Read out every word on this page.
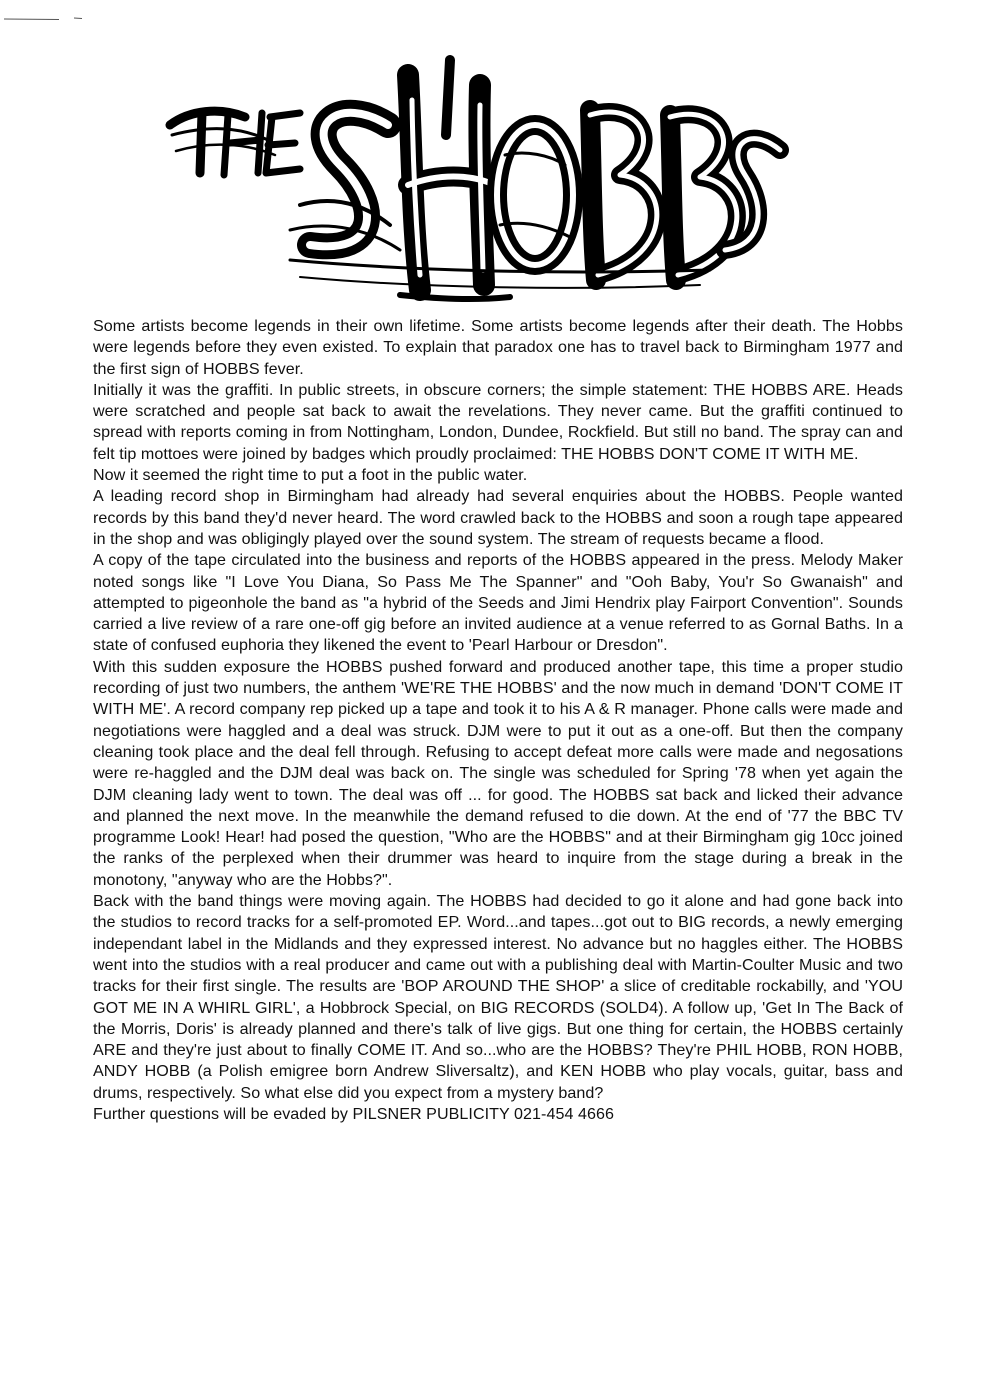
Some artists become legends in their own lifetime. Some artists become legends after their death. The Hobbs were legends before they even existed. To explain that paradox one has to travel back to Birmingham 1977 and the first sign of HOBBS fever.

Initially it was the graffiti. In public streets, in obscure corners; the simple statement: THE HOBBS ARE. Heads were scratched and people sat back to await the revelations. They never came. But the graffiti continued to spread with reports coming in from Nottingham, London, Dundee, Rockfield. But still no band. The spray can and felt tip mottoes were joined by badges which proudly proclaimed: THE HOBBS DON'T COME IT WITH ME.

Now it seemed the right time to put a foot in the public water.

A leading record shop in Birmingham had already had several enquiries about the HOBBS. People wanted records by this band they'd never heard. The word crawled back to the HOBBS and soon a rough tape appeared in the shop and was obligingly played over the sound system. The stream of requests became a flood.

A copy of the tape circulated into the business and reports of the HOBBS appeared in the press. Melody Maker noted songs like "I Love You Diana, So Pass Me The Spanner" and "Ooh Baby, You'r So Gwanaish" and attempted to pigeonhole the band as "a hybrid of the Seeds and Jimi Hendrix play Fairport Convention". Sounds carried a live review of a rare one-off gig before an invited audience at a venue referred to as Gornal Baths. In a state of confused euphoria they likened the event to 'Pearl Harbour or Dresdon".

With this sudden exposure the HOBBS pushed forward and produced another tape, this time a proper studio recording of just two numbers, the anthem 'WE'RE THE HOBBS' and the now much in demand 'DON'T COME IT WITH ME'. A record company rep picked up a tape and took it to his A & R manager. Phone calls were made and negotiations were haggled and a deal was struck. DJM were to put it out as a one-off. But then the company cleaning took place and the deal fell through. Refusing to accept defeat more calls were made and negosations were re-haggled and the DJM deal was back on. The single was scheduled for Spring '78 when yet again the DJM cleaning lady went to town. The deal was off ... for good. The HOBBS sat back and licked their advance and planned the next move. In the meanwhile the demand refused to die down. At the end of '77 the BBC TV programme Look! Hear! had posed the question, "Who are the HOBBS" and at their Birmingham gig 10cc joined the ranks of the perplexed when their drummer was heard to inquire from the stage during a break in the monotony, "anyway who are the Hobbs?".

Back with the band things were moving again. The HOBBS had decided to go it alone and had gone back into the studios to record tracks for a self-promoted EP. Word...and tapes...got out to BIG records, a newly emerging independant label in the Midlands and they expressed interest. No advance but no haggles either. The HOBBS went into the studios with a real producer and came out with a publishing deal with Martin-Coulter Music and two tracks for their first single. The results are 'BOP AROUND THE SHOP' a slice of creditable rockabilly, and 'YOU GOT ME IN A WHIRL GIRL', a Hobbrock Special, on BIG RECORDS (SOLD4). A follow up, 'Get In The Back of the Morris, Doris' is already planned and there's talk of live gigs. But one thing for certain, the HOBBS certainly ARE and they're just about to finally COME IT. And so...who are the HOBBS? They're PHIL HOBB, RON HOBB, ANDY HOBB (a Polish emigree born Andrew Sliversaltz), and KEN HOBB who play vocals, guitar, bass and drums, respectively. So what else did you expect from a mystery band?

Further questions will be evaded by PILSNER PUBLICITY 021-454 4666
